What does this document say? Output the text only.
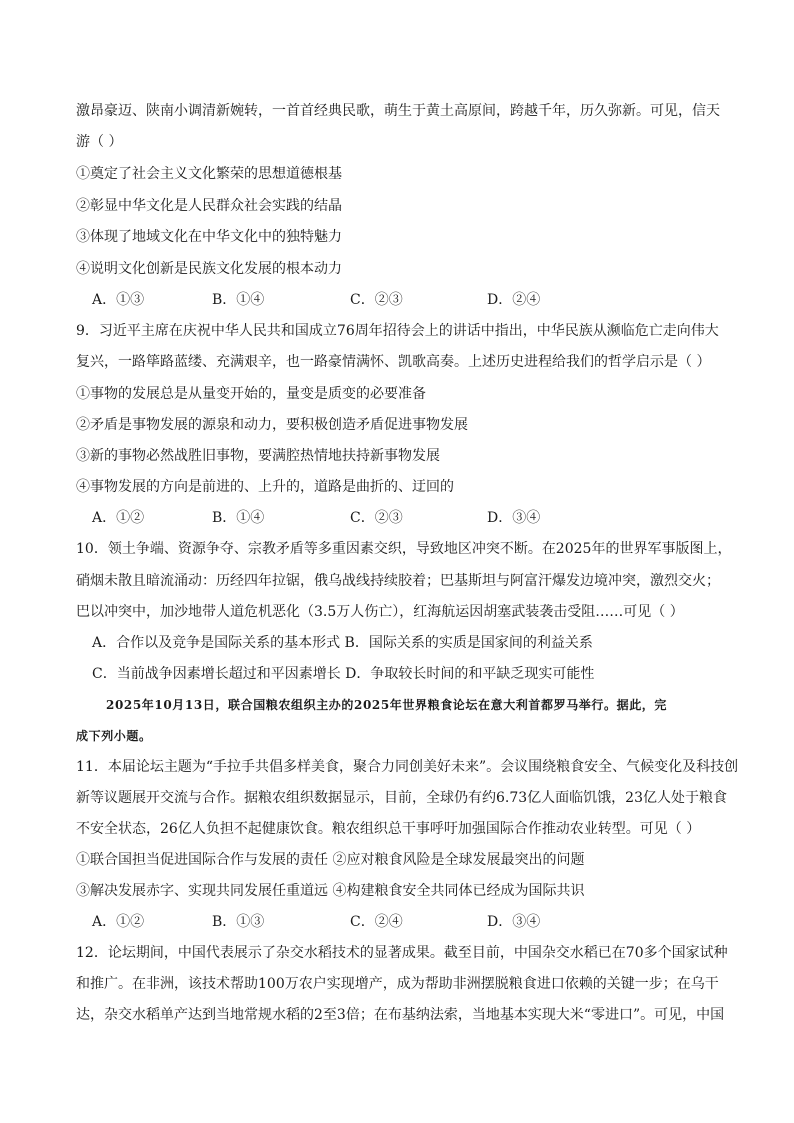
激昂豪迈、陕南小调清新婉转，一首首经典民歌，萌生于黄土高原间，跨越千年，历久弥新。可见，信天
游（ ）
①奠定了社会主义文化繁荣的思想道德根基
②彰显中华文化是人民群众社会实践的结晶
③体现了地域文化在中华文化中的独特魅力
④说明文化创新是民族文化发展的根本动力
A．①③	B．①④	C．②③	D．②④
9．习近平主席在庆祝中华人民共和国成立76周年招待会上的讲话中指出，中华民族从濒临危亡走向伟大
复兴，一路筚路蓝缕、充满艰辛，也一路豪情满怀、凯歌高奏。上述历史进程给我们的哲学启示是（ ）
①事物的发展总是从量变开始的，量变是质变的必要准备
②矛盾是事物发展的源泉和动力，要积极创造矛盾促进事物发展
③新的事物必然战胜旧事物，要满腔热情地扶持新事物发展
④事物发展的方向是前进的、上升的，道路是曲折的、迂回的
A．①②	B．①④	C．②③	D．③④
10．领土争端、资源争夺、宗教矛盾等多重因素交织，导致地区冲突不断。在2025年的世界军事版图上，
硝烟未散且暗流涌动：历经四年拉锯，俄乌战线持续胶着；巴基斯坦与阿富汗爆发边境冲突，激烈交火；
巴以冲突中，加沙地带人道危机恶化（3.5万人伤亡），红海航运因胡塞武装袭击受阻……可见（ ）
A．合作以及竞争是国际关系的基本形式 B．国际关系的实质是国家间的利益关系
C．当前战争因素增长超过和平因素增长 D．争取较长时间的和平缺乏现实可能性
2025年10月13日，联合国粮农组织主办的2025年世界粮食论坛在意大利首都罗马举行。据此，完
成下列小题。
11．本届论坛主题为“手拉手共倡多样美食，聚合力同创美好未来”。会议围绕粮食安全、气候变化及科技创
新等议题展开交流与合作。据粮农组织数据显示，目前，全球仍有约6.73亿人面临饥饿，23亿人处于粮食
不安全状态，26亿人负担不起健康饮食。粮农组织总干事呼吁加强国际合作推动农业转型。可见（ ）
①联合国担当促进国际合作与发展的责任 ②应对粮食风险是全球发展最突出的问题
③解决发展赤字、实现共同发展任重道远 ④构建粮食安全共同体已经成为国际共识
A．①②	B．①③	C．②④	D．③④
12．论坛期间，中国代表展示了杂交水稻技术的显著成果。截至目前，中国杂交水稻已在70多个国家试种
和推广。在非洲，该技术帮助100万农户实现增产，成为帮助非洲摆脱粮食进口依赖的关键一步；在乌干
达，杂交水稻单产达到当地常规水稻的2至3倍；在布基纳法索，当地基本实现大米“零进口”。可见，中国
